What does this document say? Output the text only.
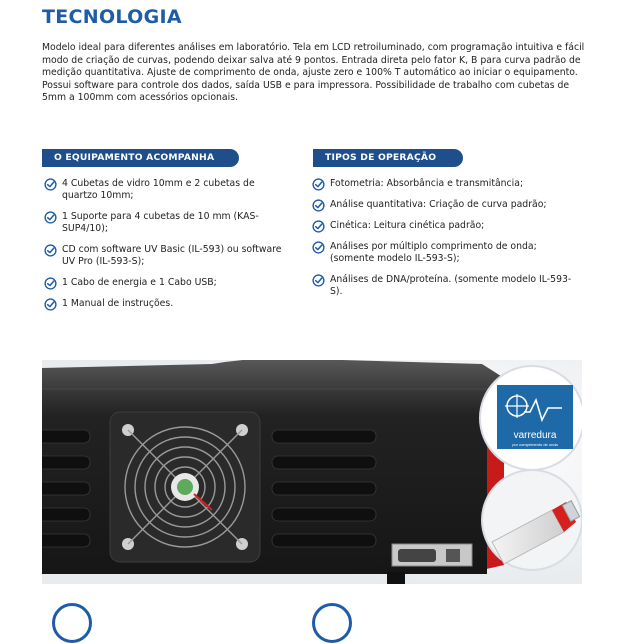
TECNOLOGIA

Modelo ideal para diferentes análises em laboratório. Tela em LCD retroiluminado, com programação intuitiva e fácil modo de criação de curvas, podendo deixar salva até 9 pontos. Entrada direta pelo fator K, B para curva padrão de medição quantitativa. Ajuste de comprimento de onda, ajuste zero e 100% T automático ao iniciar o equipamento. Possui software para controle dos dados, saída USB e para impressora. Possibilidade de trabalho com cubetas de 5mm a 100mm com acessórios opcionais.

O EQUIPAMENTO ACOMPANHA	TIPOS DE OPERAÇÃO
4 Cubetas de vidro 10mm e 2 cubetas de quartzo 10mm;
1 Suporte para 4 cubetas de 10 mm (KAS-SUP4/10);
CD com software UV Basic (IL-593) ou software UV Pro (IL-593-S);
1 Cabo de energia e 1 Cabo USB;
1 Manual de instruções.
Fotometria: Absorbância e transmitância;
Análise quantitativa: Criação de curva padrão;
Cinética: Leitura cinética padrão;
Análises por múltiplo comprimento de onda; (somente modelo IL-593-S);
Análises de DNA/proteína. (somente modelo IL-593-S).
varredura
por comprimento de onda
